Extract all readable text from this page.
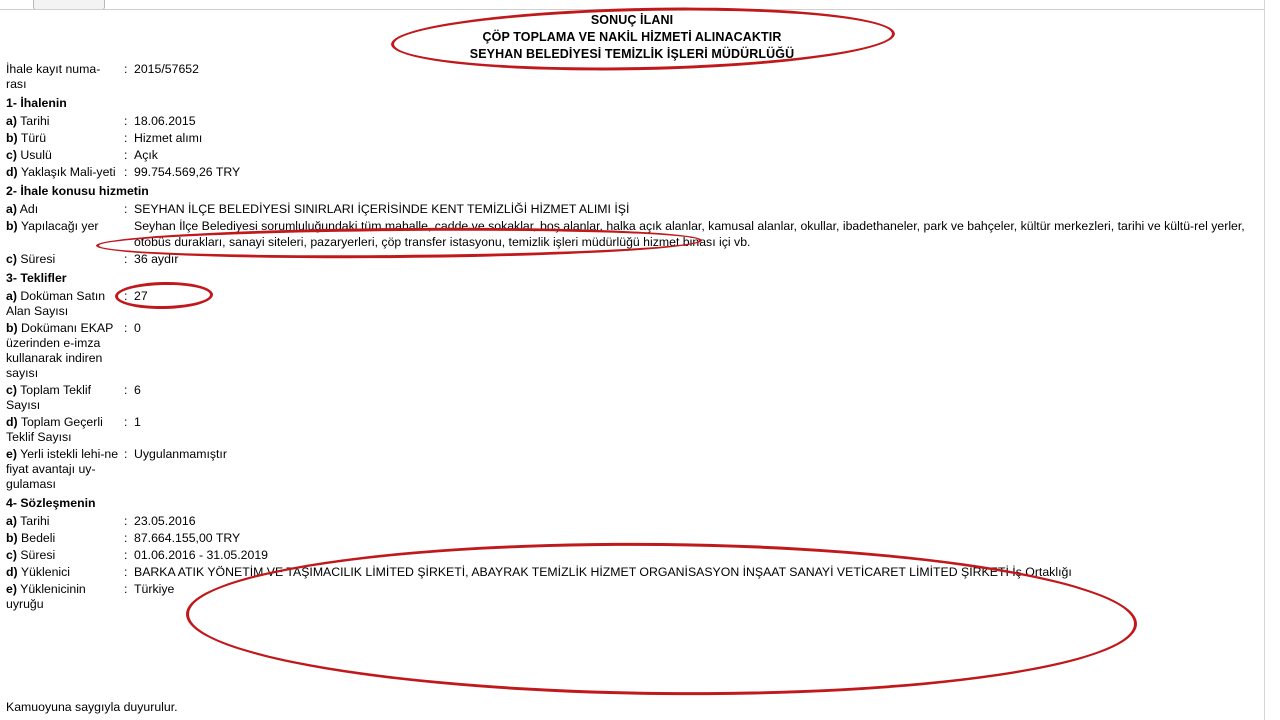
SONUÇ İLANI
ÇÖP TOPLAMA VE NAKİL HİZMETİ ALINACAKTIR
SEYHAN BELEDİYESİ TEMİZLİK İŞLERİ MÜDÜRLÜĞÜ
İhale kayıt numa-rası
: 2015/57652
1- İhalenin
a) Tarihi	: 18.06.2015
b) Türü	: Hizmet alımı
c) Usulü	: Açık
d) Yaklaşık Mali-yeti : 99.754.569,26 TRY
2- İhale konusu hizmetin
a) Adı	: SEYHAN İLÇE BELEDİYESİ SINIRLARI İÇERİSİNDE KENT TEMİZLİĞİ HİZMET ALIMI İŞİ
b) Yapılacağı yer	Seyhan İlçe Belediyesi sorumluluğundaki tüm mahalle, cadde ve sokaklar, boş alanlar, halka açık alanlar, kamusal alanlar, okullar, ibadethaneler, park ve bahçeler, kültür merkezleri, tarihi ve kültü-rel yerler, otobüs durakları, sanayi siteleri, pazaryerleri, çöp transfer istasyonu, temizlik işleri müdürlüğü hizmet binası içi vb.
c) Süresi	: 36 aydır
3- Teklifler
a) Doküman Satın Alan Sayısı
: 27
b) Dokümanı EKAP üzerinden e-imza kullanarak indiren sayısı
: 0
c) Toplam Teklif Sayısı
: 6
d) Toplam Geçerli Teklif Sayısı
: 1
e) Yerli istekli lehi-ne fiyat avantajı uy-gulaması
: Uygulanmamıştır
4- Sözleşmenin
a) Tarihi	: 23.05.2016
b) Bedeli	: 87.664.155,00 TRY
c) Süresi	: 01.06.2016 - 31.05.2019
d) Yüklenici	: BARKA ATIK YÖNETİM VE TAŞIMACILIK LİMİTED ŞİRKETİ, ABAYRAK TEMİZLİK HİZMET ORGANİSASYON İNŞAAT SANAYİ VETİCARET LİMİTED ŞİRKETİ İş Ortaklığı
e) Yüklenicinin uyruğu
: Türkiye
Kamuoyuna saygıyla duyurulur.
